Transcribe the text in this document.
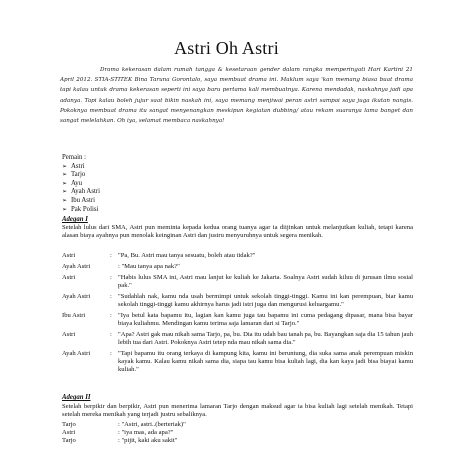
Astri Oh Astri
Drama kekerasan dalam rumah tangga & kesetaraan gender dalam rangka memperingati Hari Kartini 21 April 2012. STIA-STITEK Bina Taruna Gorontalo, saya membuat drama ini. Maklum saya 'kan memang biasa buat drama tapi kalau untuk drama kekerasan seperti ini saya baru pertama kali membuatnya. Karena mendadak, naskahnya jadi apa adanya. Tapi kalau boleh jujur saat bikin naskah ini, saya memang menjiwai peran astri sampai saya juga ikutan nangis. Pokoknya membuat drama itu sangat menyenangkan meskipun kegiatan dubbing/ atau rekam suaranya lama banget dan sangat melelahkan. Oh iya, selamat membaca naskahnya!
Pemain :
➢ Astri
➢ Tarjo
➢ Ayu
➢ Ayah Astri
➢ Ibu Astri
➢ Pak Polisi
Adegan I
Setelah lulus dari SMA, Astri pun meminta kepada kedua orang tuanya agar ia diijinkan untuk melanjutkan kuliah, tetapi karena alasan biaya ayahnya pun menolak keinginan Astri dan justru menyuruhnya untuk segera menikah.
Astri	: "Pa, Bu. Astri mau tanya sesuatu, boleh atau tidak?"
Ayah Astri	: "Mau tanya apa nak?"
Astri	: "Habis lulus SMA ini, Astri mau lanjut ke kuliah ke Jakarta. Soalnya Astri sudah kiluu di jurusan ilmu sosial pak."
Ayah Astri	: "Sudahlah nak, kamu nda usah bermimpi untuk sekolah tinggi-tinggi. Kamu ini kan perempuan, biar kamu sekolah tinggi-tinggi kamu akhirnya harus jadi istri juga dan mengurusi keluargamu."
Ibu Astri	: "Iya betul kata bapamu itu, lagian kan kamu juga tau bapamu ini cuma pedagang dipasar, mana bisa bayar biaya kuliahmu. Mendingan kamu terima saja lamaran dari si Tarjo."
Astri	: "Apa? Astri gak mau nikah sama Tarjo, pa, bu. Dia itu udah bau tanah pa, bu. Bayangkan saja dia 15 tahun jauh lebih tua dari Astri. Pokoknya Astri tetep nda mau nikah sama dia."
Ayah Astri	: "Tapi bapamu itu orang terkaya di kampung kita, kamu ini beruntung, dia suka sama anak perempuan miskin kayak kamu. Kalau kamu nikah sama dia, siapa tau kamu bisa kuliah lagi, dia kan kaya jadi bisa biayai kamu kuliah."
Adegan II
Setelah berpikir dan berpikir, Astri pun menerima lamaran Tarjo dengan maksud agar ia bisa kuliah lagi setelah menikah. Tetapi setelah mereka menikah yang terjadi justru sebaliknya.
Tarjo	: "Astri, astri..(berteriak)"
Astri	: "iya mas, ada apa?"
Tarjo	: "pijit, kaki aku sakit"
